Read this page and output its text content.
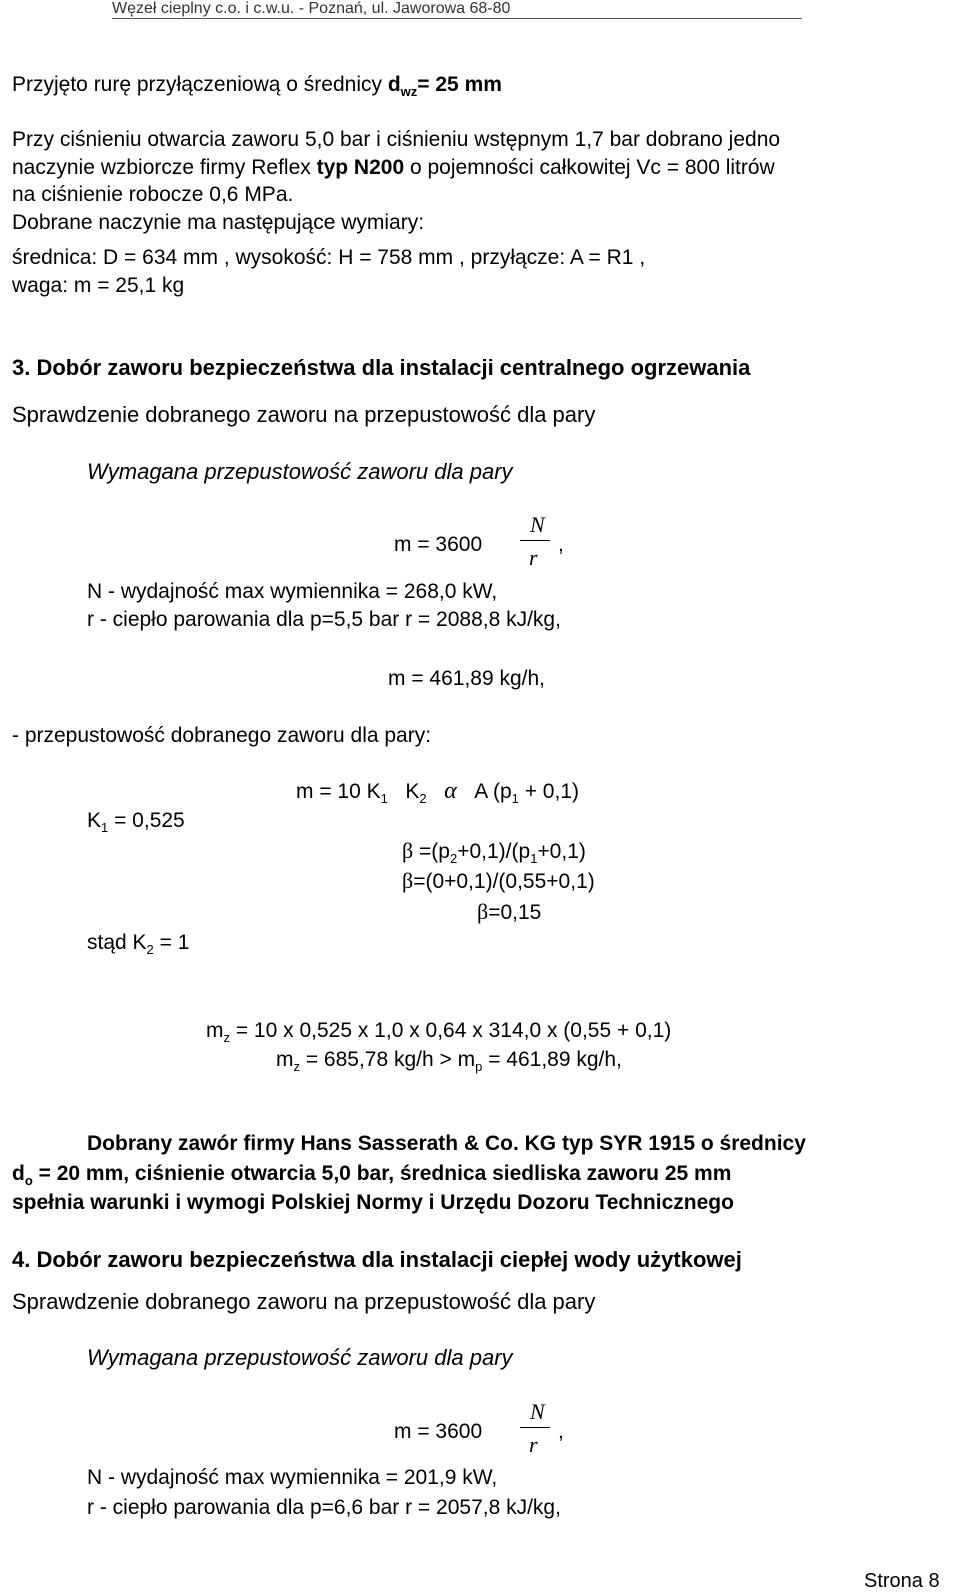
Węzeł cieplny c.o. i c.w.u. - Poznań, ul. Jaworowa 68-80
Przyjęto rurę przyłączeniową o średnicy $d_{wz}= 25$ mm
Przy ciśnieniu otwarcia zaworu 5,0 bar i ciśnieniu wstępnym 1,7 bar dobrano jedno
naczynie wzbiorcze firmy Reflex typ N200 o pojemności całkowitej Vc = 800 litrów
na ciśnienie robocze 0,6 MPa.
Dobrane naczynie ma następujące wymiary:
średnica: D = 634 mm , wysokość: H = 758 mm , przyłącze: A = R1 ,
waga: m = 25,1 kg
3. Dobór zaworu bezpieczeństwa dla instalacji centralnego ogrzewania
Sprawdzenie dobranego zaworu na przepustowość dla pary
Wymagana przepustowość zaworu dla pary
m = 3600
N
r
,
N - wydajność max wymiennika = 268,0 kW,
r - ciepło parowania dla p=5,5 bar r = 2088,8 kJ/kg,
m = 461,89 kg/h,
- przepustowość dobranego zaworu dla pary:
m = 10 $K_1$ $K_2$ α A $(p_1 + 0,1)$
$K_1 = 0,525$
$\beta =(p_2+0,1)/(p_1+0,1)$
β=(0+0,1)/(0,55+0,1)
β=0,15
stąd $K_2 = 1$
$m_z = 10$ x 0,525 x 1,0 x 0,64 x 314,0 x (0,55 + 0,1)
$m_z = 685,78$ $kg/h > m_p = 461,89$ kg/h,
Dobrany zawór firmy Hans Sasserath & Co. KG typ SYR 1915 o średnicy
$d_o = 20$ mm, ciśnienie otwarcia 5,0 bar, średnica siedliska zaworu 25 mm
spełnia warunki i wymogi Polskiej Normy i Urzędu Dozoru Technicznego
4. Dobór zaworu bezpieczeństwa dla instalacji ciepłej wody użytkowej
Sprawdzenie dobranego zaworu na przepustowość dla pary
Wymagana przepustowość zaworu dla pary
m = 3600
N
r
,
N - wydajność max wymiennika = 201,9 kW,
r - ciepło parowania dla p=6,6 bar r = 2057,8 kJ/kg,
Strona 8
